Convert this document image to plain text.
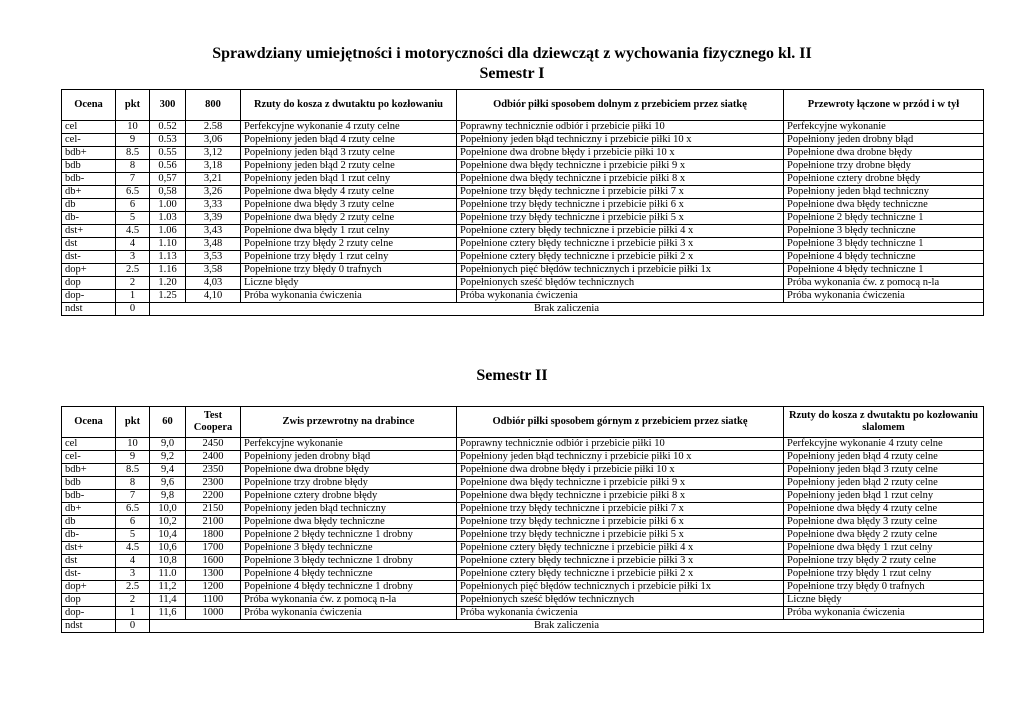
Sprawdziany umiejętności i motoryczności dla dziewcząt z wychowania fizycznego kl. II
Semestr I
Ocena	pkt	300	800	Rzuty do kosza z dwutaktu po kozłowaniu	Odbiór piłki sposobem dolnym z przebiciem przez siatkę	Przewroty łączone w przód i w tył
cel	10	0.52	2.58	Perfekcyjne wykonanie 4 rzuty celne	Poprawny technicznie odbiór i przebicie piłki 10	Perfekcyjne wykonanie
cel-	9	0.53	3,06	Popełniony jeden błąd 4 rzuty celne	Popełniony jeden błąd techniczny i przebicie piłki 10 x	Popełniony jeden drobny błąd
bdb+	8.5	0.55	3,12	Popełniony jeden błąd 3 rzuty celne	Popełnione dwa drobne błędy i przebicie piłki 10 x	Popełnione dwa drobne błędy
bdb	8	0.56	3,18	Popełniony jeden błąd 2 rzuty celne	Popełnione dwa błędy techniczne i przebicie piłki 9 x	Popełnione trzy drobne błędy
bdb-	7	0,57	3,21	Popełniony jeden błąd 1 rzut celny	Popełnione dwa błędy techniczne i przebicie piłki 8 x	Popełnione cztery drobne błędy
db+	6.5	0,58	3,26	Popełnione dwa błędy 4 rzuty celne	Popełnione trzy błędy techniczne i przebicie piłki 7 x	Popełniony jeden błąd techniczny
db	6	1.00	3,33	Popełnione dwa błędy 3 rzuty celne	Popełnione trzy błędy techniczne i przebicie piłki 6 x	Popełnione dwa błędy techniczne
db-	5	1.03	3,39	Popełnione dwa błędy 2 rzuty celne	Popełnione trzy błędy techniczne i przebicie piłki 5 x	Popełnione 2 błędy techniczne 1
dst+	4.5	1.06	3,43	Popełnione dwa błędy 1 rzut celny	Popełnione cztery błędy techniczne i przebicie piłki 4 x	Popełnione 3 błędy techniczne
dst	4	1.10	3,48	Popełnione trzy błędy 2 rzuty celne	Popełnione cztery błędy techniczne i przebicie piłki 3 x	Popełnione 3 błędy techniczne 1
dst-	3	1.13	3,53	Popełnione trzy błędy 1 rzut celny	Popełnione cztery błędy techniczne i przebicie piłki 2 x	Popełnione 4 błędy techniczne
dop+	2.5	1.16	3,58	Popełnione trzy błędy 0 trafnych	Popełnionych pięć błędów technicznych i przebicie piłki 1x	Popełnione 4 błędy techniczne 1
dop	2	1.20	4,03	Liczne błędy	Popełnionych sześć błędów technicznych	Próba wykonania ćw. z pomocą n-la
dop-	1	1.25	4,10	Próba wykonania ćwiczenia	Próba wykonania ćwiczenia	Próba wykonania ćwiczenia
ndst	0	Brak zaliczenia				
Semestr II
Ocena	pkt	60	Test Coopera	Zwis przewrotny na drabince	Odbiór piłki sposobem górnym z przebiciem przez siatkę	Rzuty do kosza z dwutaktu po kozłowaniu slalomem
cel	10	9,0	2450	Perfekcyjne wykonanie	Poprawny technicznie odbiór i przebicie piłki 10	Perfekcyjne wykonanie 4 rzuty celne
cel-	9	9,2	2400	Popełniony jeden drobny błąd	Popełniony jeden błąd techniczny i przebicie piłki 10 x	Popełniony jeden błąd 4 rzuty celne
bdb+	8.5	9,4	2350	Popełnione dwa drobne błędy	Popełnione dwa drobne błędy i przebicie piłki 10 x	Popełniony jeden błąd 3 rzuty celne
bdb	8	9,6	2300	Popełnione trzy drobne błędy	Popełnione dwa błędy techniczne i przebicie piłki 9 x	Popełniony jeden błąd 2 rzuty celne
bdb-	7	9,8	2200	Popełnione cztery drobne błędy	Popełnione dwa błędy techniczne i przebicie piłki 8 x	Popełniony jeden błąd 1 rzut celny
db+	6.5	10,0	2150	Popełniony jeden błąd techniczny	Popełnione trzy błędy techniczne i przebicie piłki 7 x	Popełnione dwa błędy 4 rzuty celne
db	6	10,2	2100	Popełnione dwa błędy techniczne	Popełnione trzy błędy techniczne i przebicie piłki 6 x	Popełnione dwa błędy 3 rzuty celne
db-	5	10,4	1800	Popełnione 2 błędy techniczne 1 drobny	Popełnione trzy błędy techniczne i przebicie piłki 5 x	Popełnione dwa błędy 2 rzuty celne
dst+	4.5	10,6	1700	Popełnione 3 błędy techniczne	Popełnione cztery błędy techniczne i przebicie piłki 4 x	Popełnione dwa błędy 1 rzut celny
dst	4	10,8	1600	Popełnione 3 błędy techniczne 1 drobny	Popełnione cztery błędy techniczne i przebicie piłki 3 x	Popełnione trzy błędy 2 rzuty celne
dst-	3	11.0	1300	Popełnione 4 błędy techniczne	Popełnione cztery błędy techniczne i przebicie piłki 2 x	Popełnione trzy błędy 1 rzut celny
dop+	2.5	11,2	1200	Popełnione 4 błędy techniczne 1 drobny	Popełnionych pięć błędów technicznych i przebicie piłki 1x	Popełnione trzy błędy 0 trafnych
dop	2	11,4	1100	Próba wykonania ćw. z pomocą n-la	Popełnionych sześć błędów technicznych	Liczne błędy
dop-	1	11,6	1000	Próba wykonania ćwiczenia	Próba wykonania ćwiczenia	Próba wykonania ćwiczenia
ndst	0	Brak zaliczenia				
